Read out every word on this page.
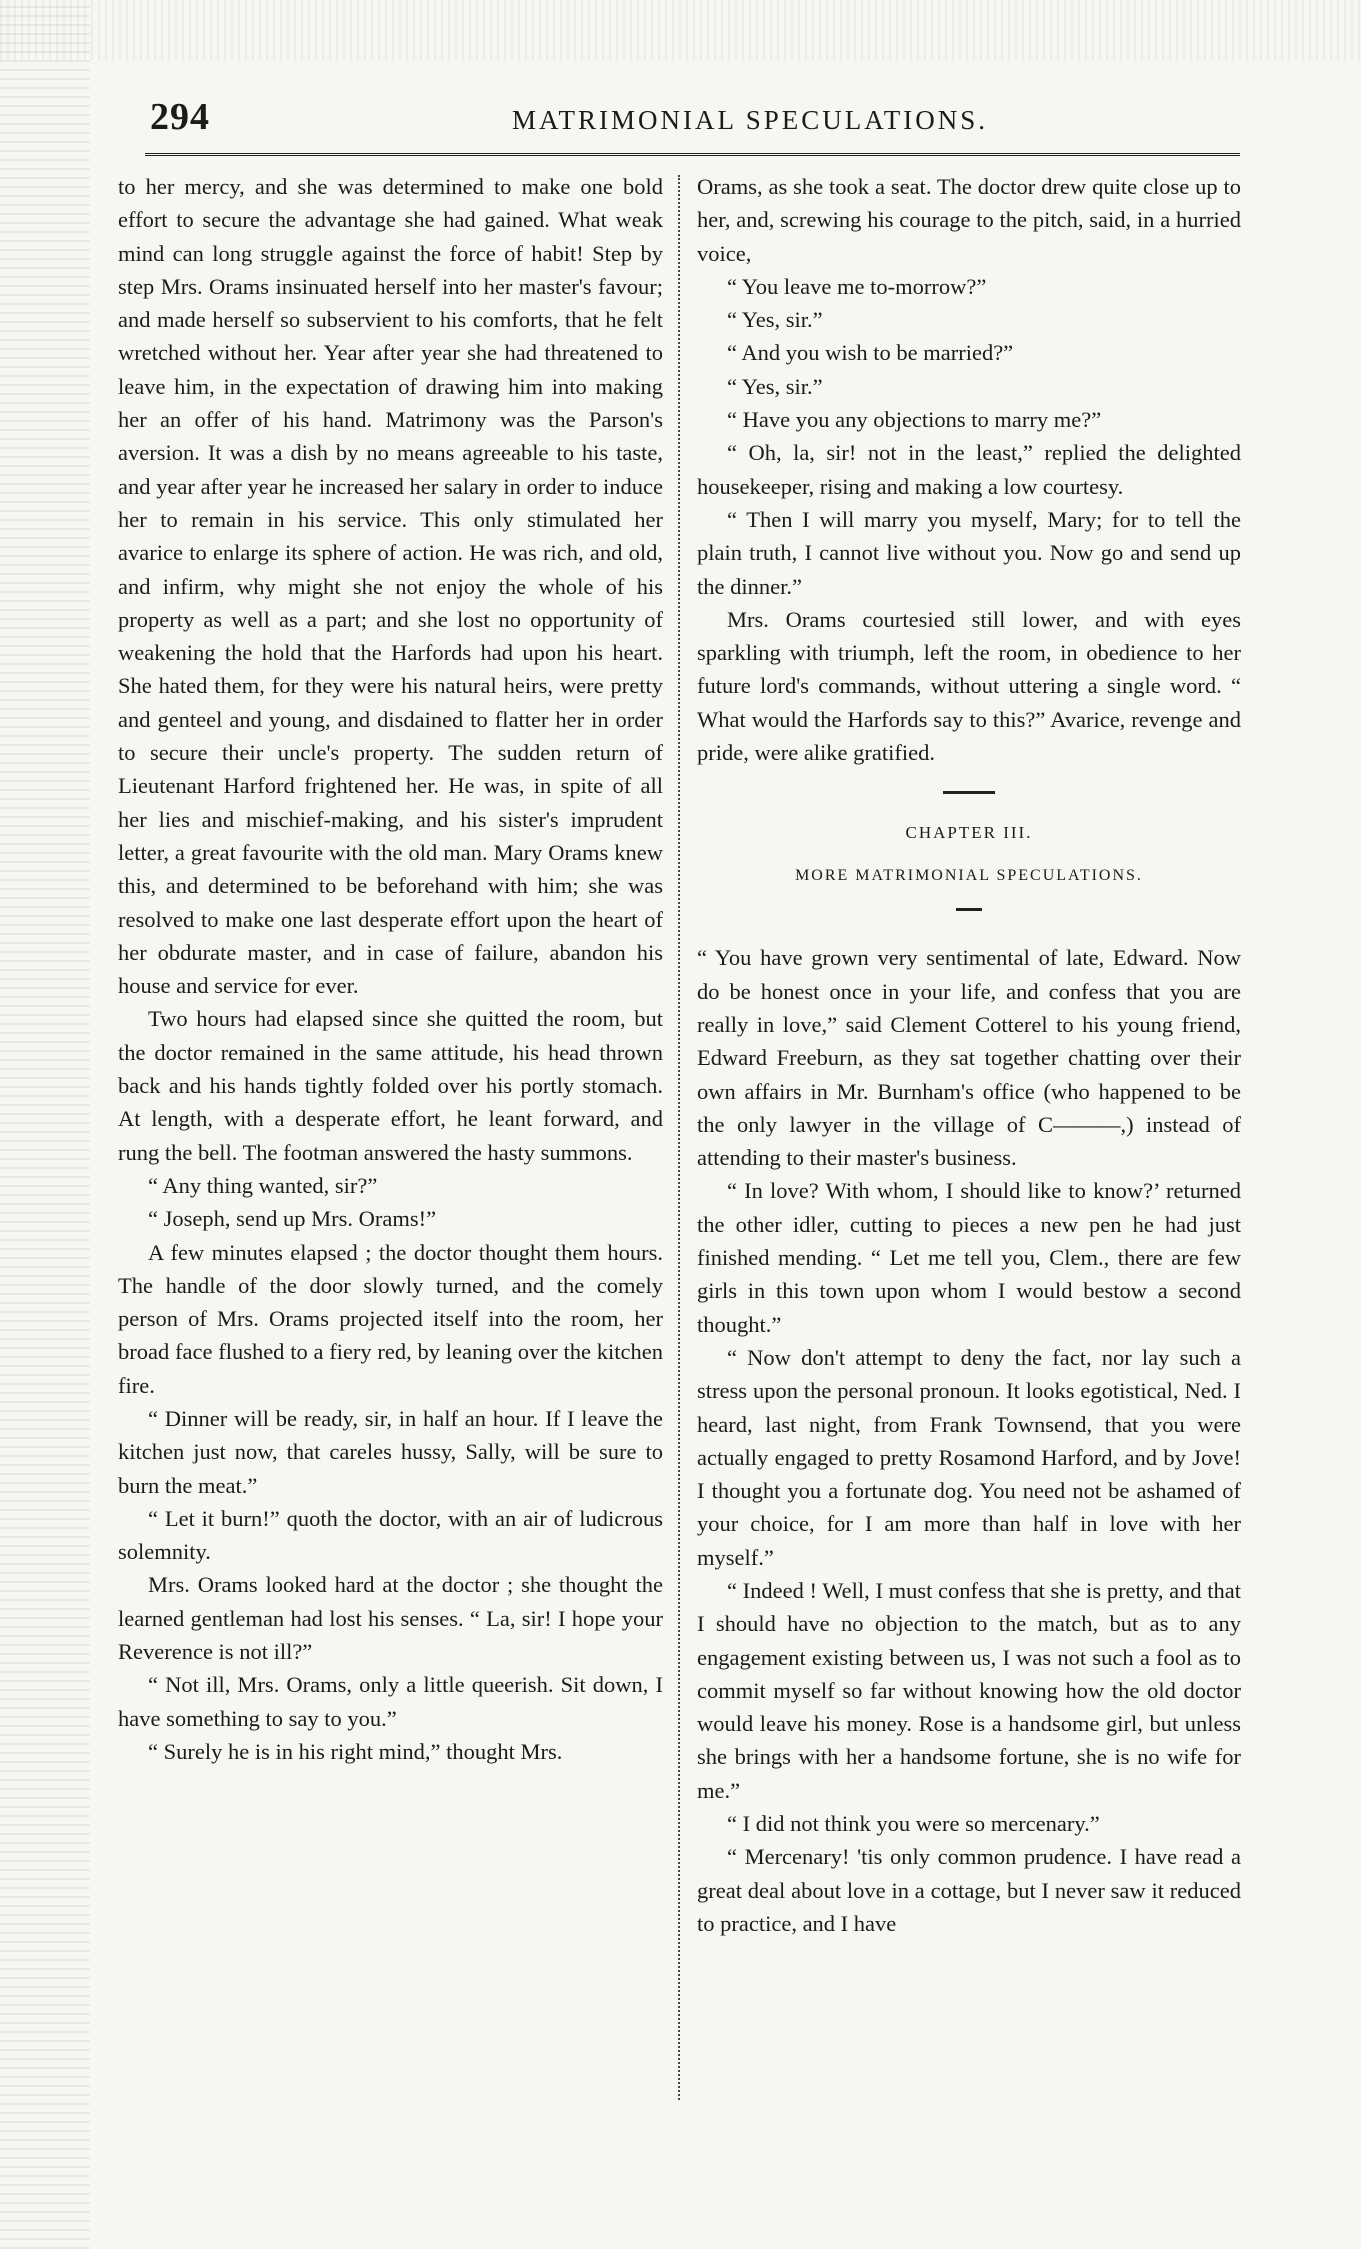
294	MATRIMONIAL SPECULATIONS.

to her mercy, and she was determined to make one bold effort to secure the advantage she had gained. What weak mind can long struggle against the force of habit! Step by step Mrs. Orams insinuated herself into her master's favour; and made herself so subservient to his comforts, that he felt wretched without her. Year after year she had threatened to leave him, in the expectation of drawing him into making her an offer of his hand. Matrimony was the Parson's aversion. It was a dish by no means agreeable to his taste, and year after year he increased her salary in order to induce her to remain in his service. This only stimulated her avarice to enlarge its sphere of action. He was rich, and old, and infirm, why might she not enjoy the whole of his property as well as a part; and she lost no opportunity of weakening the hold that the Harfords had upon his heart. She hated them, for they were his natural heirs, were pretty and genteel and young, and disdained to flatter her in order to secure their uncle's property. The sudden return of Lieutenant Harford frightened her. He was, in spite of all her lies and mischief-making, and his sister's imprudent letter, a great favourite with the old man. Mary Orams knew this, and determined to be beforehand with him; she was resolved to make one last desperate effort upon the heart of her obdurate master, and in case of failure, abandon his house and service for ever.

Two hours had elapsed since she quitted the room, but the doctor remained in the same attitude, his head thrown back and his hands tightly folded over his portly stomach. At length, with a desperate effort, he leant forward, and rung the bell. The footman answered the hasty summons.

“ Any thing wanted, sir?”

“ Joseph, send up Mrs. Orams!”

A few minutes elapsed ; the doctor thought them hours. The handle of the door slowly turned, and the comely person of Mrs. Orams projected itself into the room, her broad face flushed to a fiery red, by leaning over the kitchen fire.

“ Dinner will be ready, sir, in half an hour. If I leave the kitchen just now, that careles hussy, Sally, will be sure to burn the meat.”

“ Let it burn!” quoth the doctor, with an air of ludicrous solemnity.

Mrs. Orams looked hard at the doctor ; she thought the learned gentleman had lost his senses. “ La, sir! I hope your Reverence is not ill?”

“ Not ill, Mrs. Orams, only a little queerish. Sit down, I have something to say to you.”

“ Surely he is in his right mind,” thought Mrs.

Orams, as she took a seat. The doctor drew quite close up to her, and, screwing his courage to the pitch, said, in a hurried voice,

“ You leave me to-morrow?”

“ Yes, sir.”

“ And you wish to be married?”

“ Yes, sir.”

“ Have you any objections to marry me?”

“ Oh, la, sir! not in the least,” replied the delighted housekeeper, rising and making a low courtesy.

“ Then I will marry you myself, Mary; for to tell the plain truth, I cannot live without you. Now go and send up the dinner.”

Mrs. Orams courtesied still lower, and with eyes sparkling with triumph, left the room, in obedience to her future lord's commands, without uttering a single word. “ What would the Harfords say to this?” Avarice, revenge and pride, were alike gratified.

CHAPTER III.
MORE MATRIMONIAL SPECULATIONS.

“ You have grown very sentimental of late, Edward. Now do be honest once in your life, and confess that you are really in love,” said Clement Cotterel to his young friend, Edward Freeburn, as they sat together chatting over their own affairs in Mr. Burnham's office (who happened to be the only lawyer in the village of C———,) instead of attending to their master's business.

“ In love? With whom, I should like to know?’ returned the other idler, cutting to pieces a new pen he had just finished mending. “ Let me tell you, Clem., there are few girls in this town upon whom I would bestow a second thought.”

“ Now don't attempt to deny the fact, nor lay such a stress upon the personal pronoun. It looks egotistical, Ned. I heard, last night, from Frank Townsend, that you were actually engaged to pretty Rosamond Harford, and by Jove! I thought you a fortunate dog. You need not be ashamed of your choice, for I am more than half in love with her myself.”

“ Indeed ! Well, I must confess that she is pretty, and that I should have no objection to the match, but as to any engagement existing between us, I was not such a fool as to commit myself so far without knowing how the old doctor would leave his money. Rose is a handsome girl, but unless she brings with her a handsome fortune, she is no wife for me.”

“ I did not think you were so mercenary.”

“ Mercenary! 'tis only common prudence. I have read a great deal about love in a cottage, but I never saw it reduced to practice, and I have
